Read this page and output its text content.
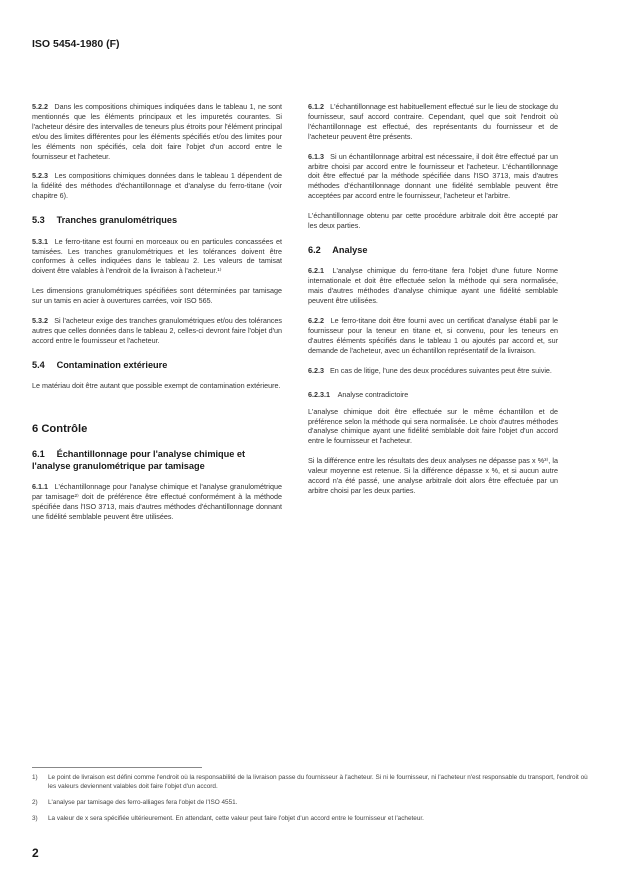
ISO 5454-1980 (F)

5.2.2 Dans les compositions chimiques indiquées dans le tableau 1, ne sont mentionnés que les éléments principaux et les impuretés courantes. Si l'acheteur désire des intervalles de teneurs plus étroits pour l'élément principal et/ou des limites différentes pour les éléments spécifiés et/ou des limites pour les éléments non spécifiés, cela doit faire l'objet d'un accord entre le fournisseur et l'acheteur.

5.2.3 Les compositions chimiques données dans le tableau 1 dépendent de la fidélité des méthodes d'échantillonnage et d'analyse du ferro-titane (voir chapitre 6).

5.3 Tranches granulométriques

5.3.1 Le ferro-titane est fourni en morceaux ou en particules concassées et tamisées. Les tranches granulométriques et les tolérances doivent être conformes à celles indiquées dans le tableau 2. Les valeurs de tamisat doivent être valables à l'endroit de la livraison à l'acheteur.¹⁾

Les dimensions granulométriques spécifiées sont déterminées par tamisage sur un tamis en acier à ouvertures carrées, voir ISO 565.

5.3.2 Si l'acheteur exige des tranches granulométriques et/ou des tolérances autres que celles données dans le tableau 2, celles-ci devront faire l'objet d'un accord entre le fournisseur et l'acheteur.

5.4 Contamination extérieure

Le matériau doit être autant que possible exempt de contamination extérieure.

6 Contrôle
6.1 Échantillonnage pour l'analyse chimique et l'analyse granulométrique par tamisage

6.1.1 L'échantillonnage pour l'analyse chimique et l'analyse granulométrique par tamisage²⁾ doit de préférence être effectué conformément à la méthode spécifiée dans l'ISO 3713, mais d'autres méthodes d'échantillonnage donnant une fidélité semblable peuvent être utilisées.

6.1.2 L'échantillonnage est habituellement effectué sur le lieu de stockage du fournisseur, sauf accord contraire. Cependant, quel que soit l'endroit où l'échantillonnage est effectué, des représentants du fournisseur et de l'acheteur peuvent être présents.

6.1.3 Si un échantillonnage arbitral est nécessaire, il doit être effectué par un arbitre choisi par accord entre le fournisseur et l'acheteur. L'échantillonnage doit être effectué par la méthode spécifiée dans l'ISO 3713, mais d'autres méthodes d'échantillonnage donnant une fidélité semblable peuvent être acceptées par accord entre le fournisseur, l'acheteur et l'arbitre.

L'échantillonnage obtenu par cette procédure arbitrale doit être accepté par les deux parties.

6.2 Analyse

6.2.1 L'analyse chimique du ferro-titane fera l'objet d'une future Norme internationale et doit être effectuée selon la méthode qui sera normalisée, mais d'autres méthodes d'analyse chimique ayant une fidélité semblable peuvent être utilisées.

6.2.2 Le ferro-titane doit être fourni avec un certificat d'analyse établi par le fournisseur pour la teneur en titane et, si convenu, pour les teneurs en d'autres éléments spécifiés dans le tableau 1 ou ajoutés par accord et, sur demande de l'acheteur, avec un échantillon représentatif de la livraison.

6.2.3 En cas de litige, l'une des deux procédures suivantes peut être suivie.

6.2.3.1 Analyse contradictoire

L'analyse chimique doit être effectuée sur le même échantillon et de préférence selon la méthode qui sera normalisée. Le choix d'autres méthodes d'analyse chimique ayant une fidélité semblable doit faire l'objet d'un accord entre le fournisseur et l'acheteur.

Si la différence entre les résultats des deux analyses ne dépasse pas x %³⁾, la valeur moyenne est retenue. Si la différence dépasse x %, et si aucun autre accord n'a été passé, une analyse arbitrale doit alors être effectuée par un arbitre choisi par les deux parties.

1)	Le point de livraison est défini comme l'endroit où la responsabilité de la livraison passe du fournisseur à l'acheteur. Si ni le fournisseur, ni l'acheteur n'est responsable du transport, l'endroit où les valeurs deviennent valables doit faire l'objet d'un accord.
2)	L'analyse par tamisage des ferro-alliages fera l'objet de l'ISO 4551.
3)	La valeur de x sera spécifiée ultérieurement. En attendant, cette valeur peut faire l'objet d'un accord entre le fournisseur et l'acheteur.
2
